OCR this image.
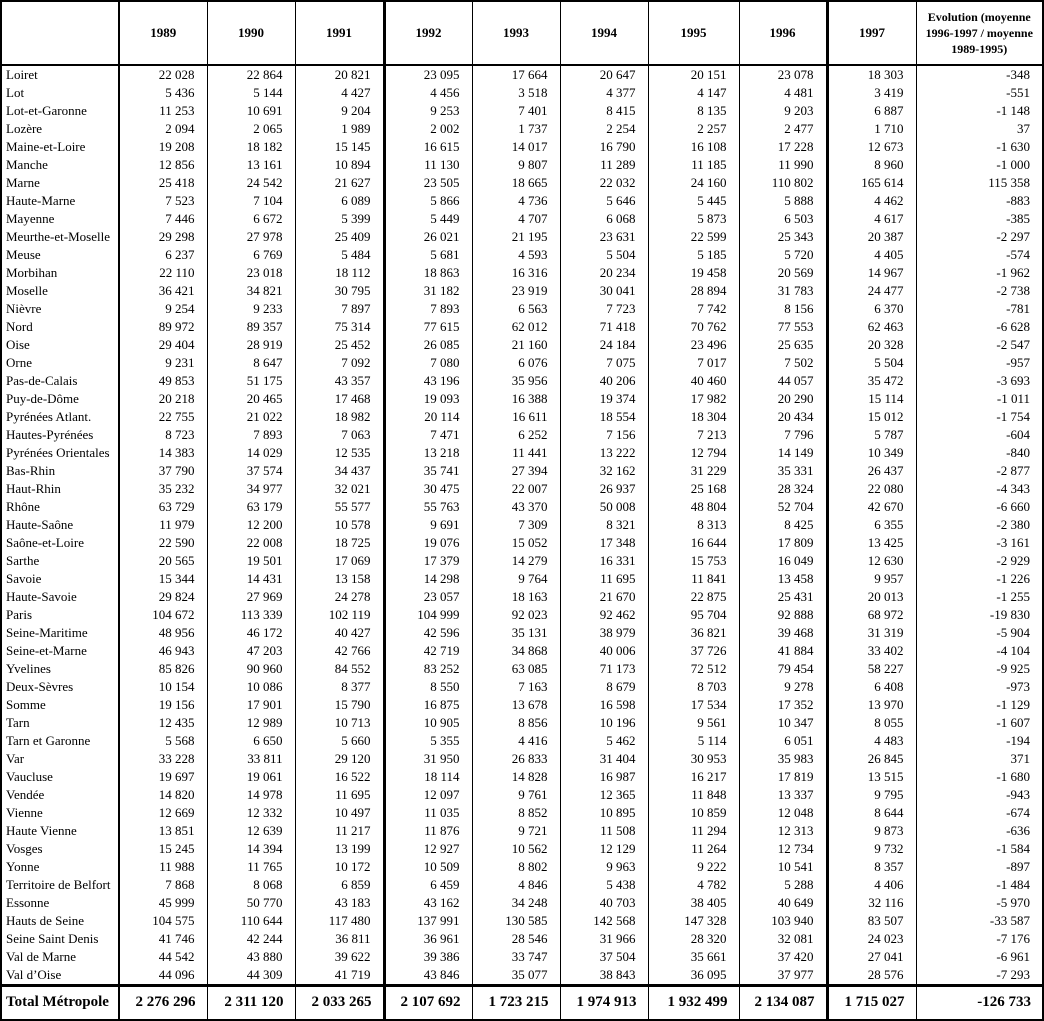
	1989	1990	1991	1992	1993	1994	1995	1996	1997	Evolution (moyenne 1996-1997 / moyenne 1989-1995)
Loiret	22 028	22 864	20 821	23 095	17 664	20 647	20 151	23 078	18 303	-348
Lot	5 436	5 144	4 427	4 456	3 518	4 377	4 147	4 481	3 419	-551
Lot-et-Garonne	11 253	10 691	9 204	9 253	7 401	8 415	8 135	9 203	6 887	-1 148
Lozère	2 094	2 065	1 989	2 002	1 737	2 254	2 257	2 477	1 710	37
Maine-et-Loire	19 208	18 182	15 145	16 615	14 017	16 790	16 108	17 228	12 673	-1 630
Manche	12 856	13 161	10 894	11 130	9 807	11 289	11 185	11 990	8 960	-1 000
Marne	25 418	24 542	21 627	23 505	18 665	22 032	24 160	110 802	165 614	115 358
Haute-Marne	7 523	7 104	6 089	5 866	4 736	5 646	5 445	5 888	4 462	-883
Mayenne	7 446	6 672	5 399	5 449	4 707	6 068	5 873	6 503	4 617	-385
Meurthe-et-Moselle	29 298	27 978	25 409	26 021	21 195	23 631	22 599	25 343	20 387	-2 297
Meuse	6 237	6 769	5 484	5 681	4 593	5 504	5 185	5 720	4 405	-574
Morbihan	22 110	23 018	18 112	18 863	16 316	20 234	19 458	20 569	14 967	-1 962
Moselle	36 421	34 821	30 795	31 182	23 919	30 041	28 894	31 783	24 477	-2 738
Nièvre	9 254	9 233	7 897	7 893	6 563	7 723	7 742	8 156	6 370	-781
Nord	89 972	89 357	75 314	77 615	62 012	71 418	70 762	77 553	62 463	-6 628
Oise	29 404	28 919	25 452	26 085	21 160	24 184	23 496	25 635	20 328	-2 547
Orne	9 231	8 647	7 092	7 080	6 076	7 075	7 017	7 502	5 504	-957
Pas-de-Calais	49 853	51 175	43 357	43 196	35 956	40 206	40 460	44 057	35 472	-3 693
Puy-de-Dôme	20 218	20 465	17 468	19 093	16 388	19 374	17 982	20 290	15 114	-1 011
Pyrénées Atlant.	22 755	21 022	18 982	20 114	16 611	18 554	18 304	20 434	15 012	-1 754
Hautes-Pyrénées	8 723	7 893	7 063	7 471	6 252	7 156	7 213	7 796	5 787	-604
Pyrénées Orientales	14 383	14 029	12 535	13 218	11 441	13 222	12 794	14 149	10 349	-840
Bas-Rhin	37 790	37 574	34 437	35 741	27 394	32 162	31 229	35 331	26 437	-2 877
Haut-Rhin	35 232	34 977	32 021	30 475	22 007	26 937	25 168	28 324	22 080	-4 343
Rhône	63 729	63 179	55 577	55 763	43 370	50 008	48 804	52 704	42 670	-6 660
Haute-Saône	11 979	12 200	10 578	9 691	7 309	8 321	8 313	8 425	6 355	-2 380
Saône-et-Loire	22 590	22 008	18 725	19 076	15 052	17 348	16 644	17 809	13 425	-3 161
Sarthe	20 565	19 501	17 069	17 379	14 279	16 331	15 753	16 049	12 630	-2 929
Savoie	15 344	14 431	13 158	14 298	9 764	11 695	11 841	13 458	9 957	-1 226
Haute-Savoie	29 824	27 969	24 278	23 057	18 163	21 670	22 875	25 431	20 013	-1 255
Paris	104 672	113 339	102 119	104 999	92 023	92 462	95 704	92 888	68 972	-19 830
Seine-Maritime	48 956	46 172	40 427	42 596	35 131	38 979	36 821	39 468	31 319	-5 904
Seine-et-Marne	46 943	47 203	42 766	42 719	34 868	40 006	37 726	41 884	33 402	-4 104
Yvelines	85 826	90 960	84 552	83 252	63 085	71 173	72 512	79 454	58 227	-9 925
Deux-Sèvres	10 154	10 086	8 377	8 550	7 163	8 679	8 703	9 278	6 408	-973
Somme	19 156	17 901	15 790	16 875	13 678	16 598	17 534	17 352	13 970	-1 129
Tarn	12 435	12 989	10 713	10 905	8 856	10 196	9 561	10 347	8 055	-1 607
Tarn et Garonne	5 568	6 650	5 660	5 355	4 416	5 462	5 114	6 051	4 483	-194
Var	33 228	33 811	29 120	31 950	26 833	31 404	30 953	35 983	26 845	371
Vaucluse	19 697	19 061	16 522	18 114	14 828	16 987	16 217	17 819	13 515	-1 680
Vendée	14 820	14 978	11 695	12 097	9 761	12 365	11 848	13 337	9 795	-943
Vienne	12 669	12 332	10 497	11 035	8 852	10 895	10 859	12 048	8 644	-674
Haute Vienne	13 851	12 639	11 217	11 876	9 721	11 508	11 294	12 313	9 873	-636
Vosges	15 245	14 394	13 199	12 927	10 562	12 129	11 264	12 734	9 732	-1 584
Yonne	11 988	11 765	10 172	10 509	8 802	9 963	9 222	10 541	8 357	-897
Territoire de Belfort	7 868	8 068	6 859	6 459	4 846	5 438	4 782	5 288	4 406	-1 484
Essonne	45 999	50 770	43 183	43 162	34 248	40 703	38 405	40 649	32 116	-5 970
Hauts de Seine	104 575	110 644	117 480	137 991	130 585	142 568	147 328	103 940	83 507	-33 587
Seine Saint Denis	41 746	42 244	36 811	36 961	28 546	31 966	28 320	32 081	24 023	-7 176
Val de Marne	44 542	43 880	39 622	39 386	33 747	37 504	35 661	37 420	27 041	-6 961
Val d’Oise	44 096	44 309	41 719	43 846	35 077	38 843	36 095	37 977	28 576	-7 293
Total Métropole	2 276 296	2 311 120	2 033 265	2 107 692	1 723 215	1 974 913	1 932 499	2 134 087	1 715 027	-126 733
